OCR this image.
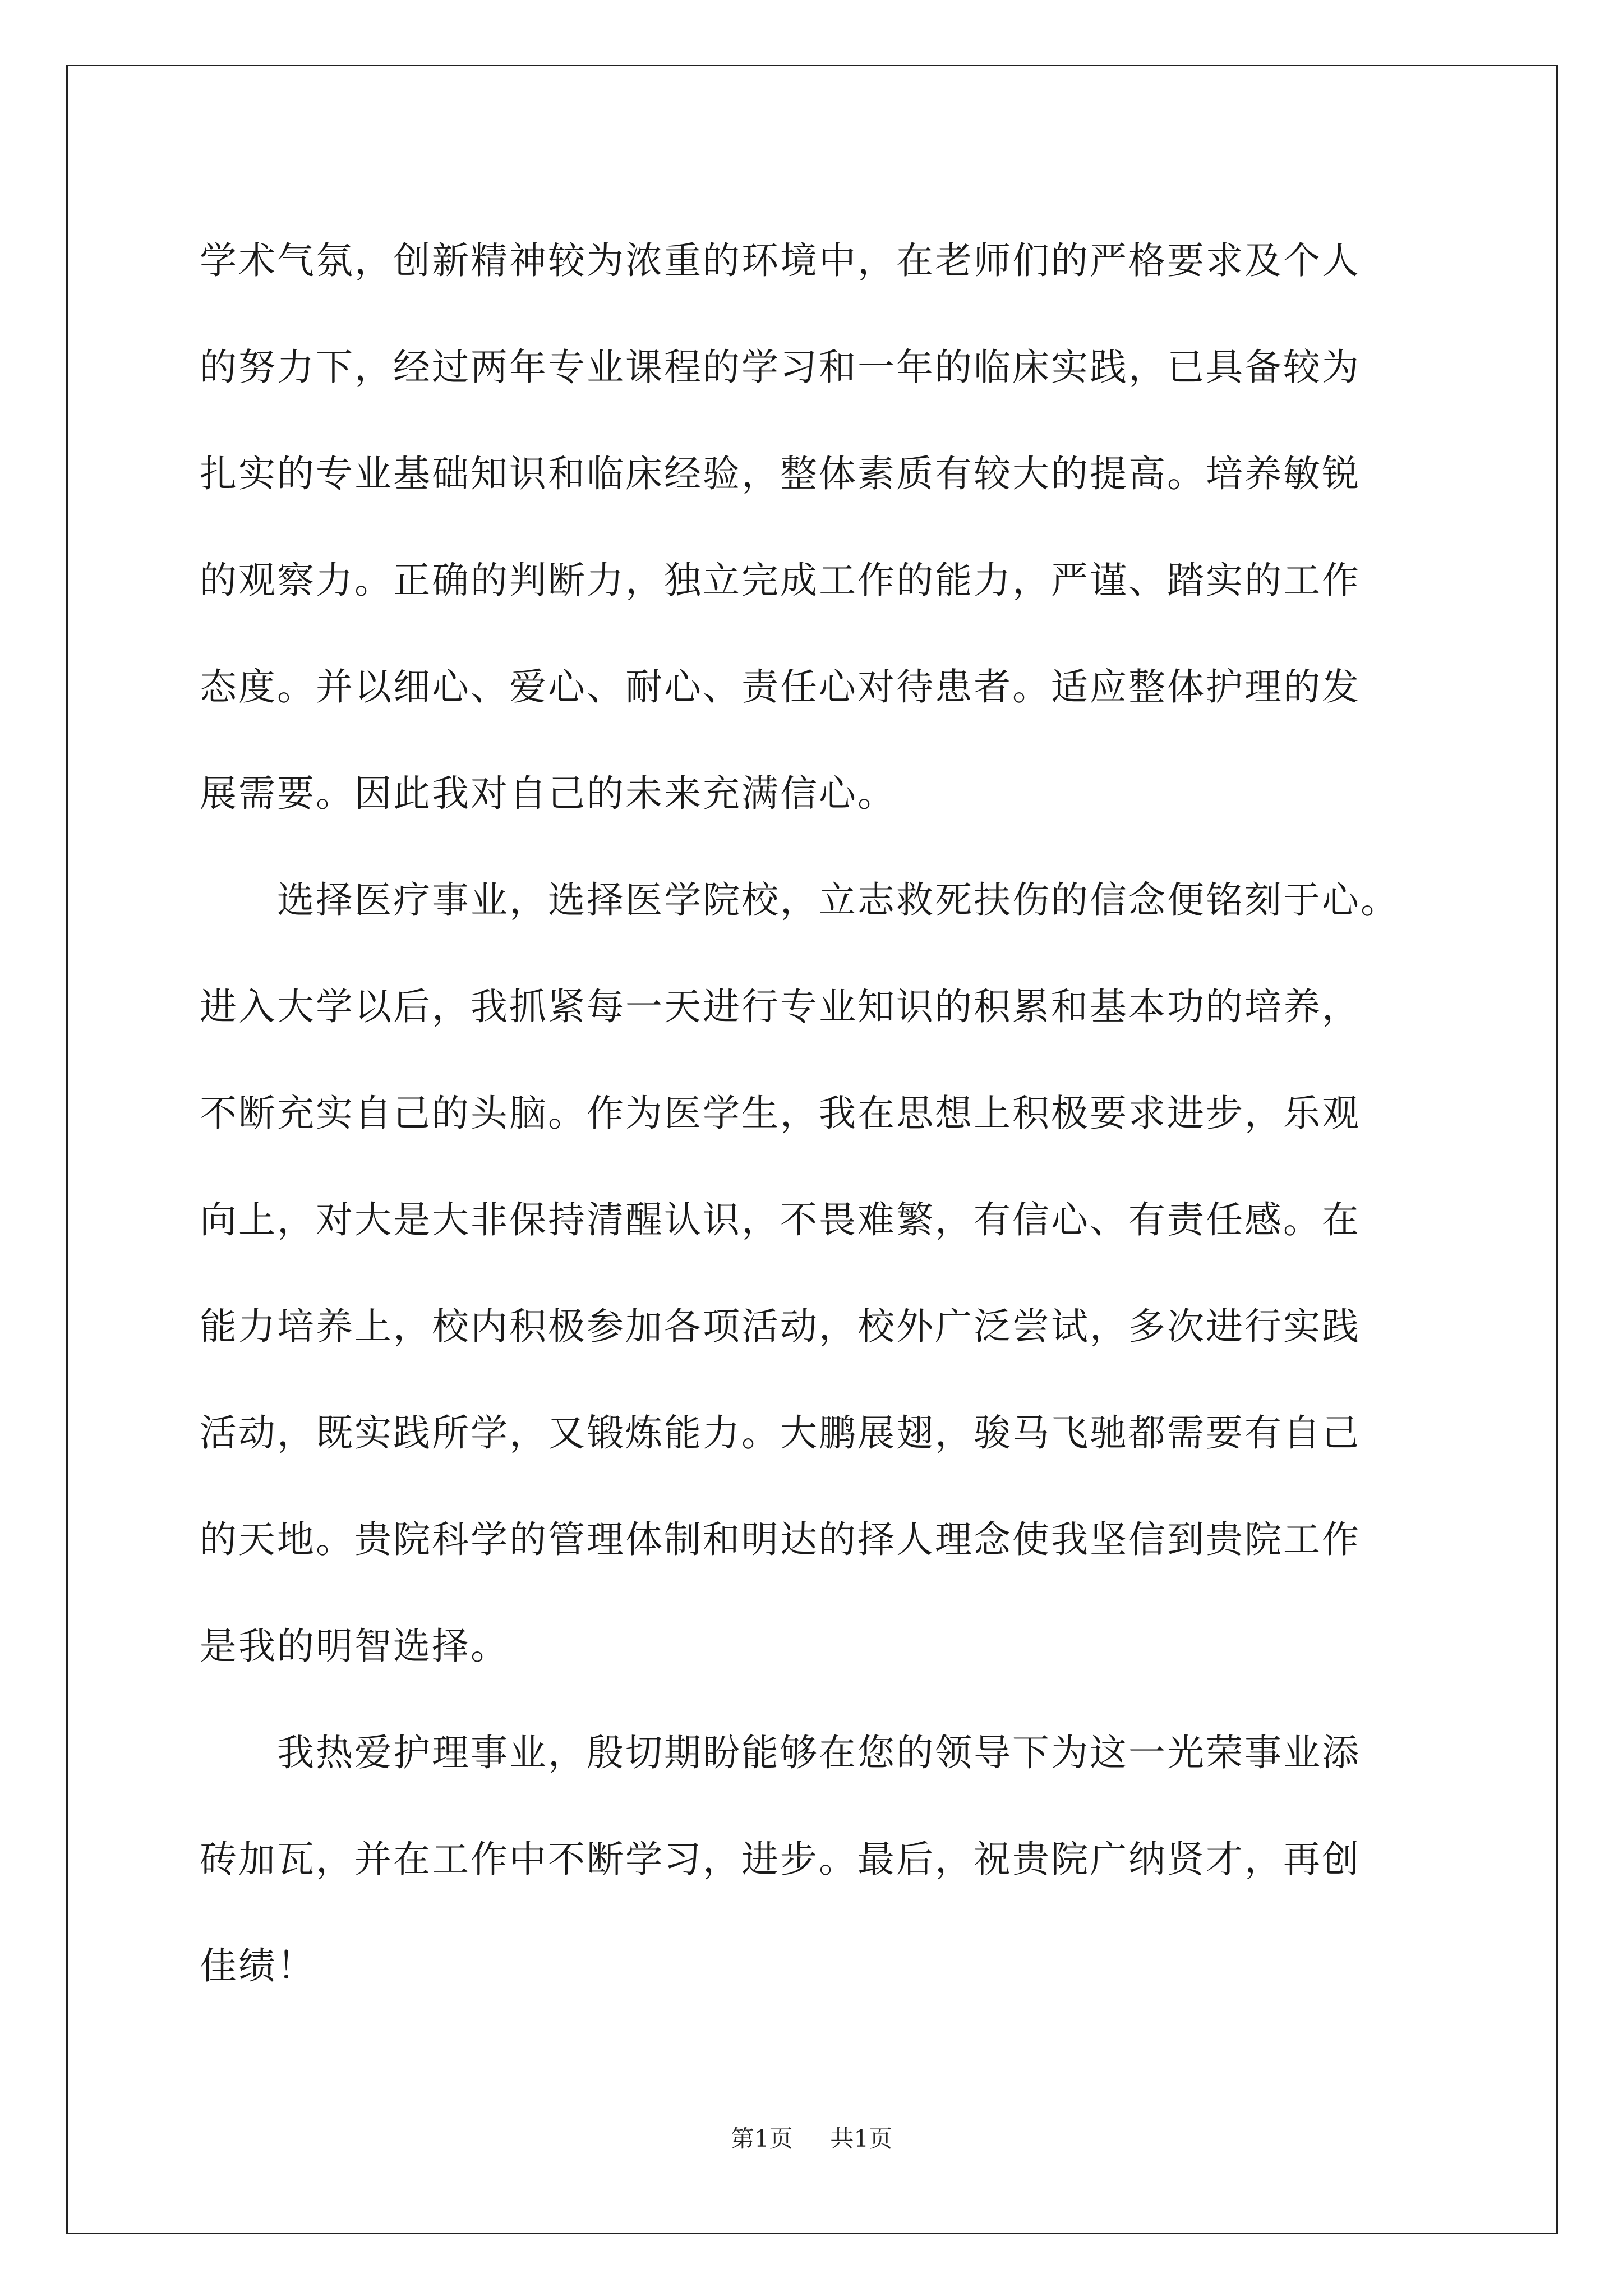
学术气氛，创新精神较为浓重的环境中，在老师们的严格要求及个人
的努力下，经过两年专业课程的学习和一年的临床实践，已具备较为
扎实的专业基础知识和临床经验，整体素质有较大的提高。培养敏锐
的观察力。正确的判断力，独立完成工作的能力，严谨、踏实的工作
态度。并以细心、爱心、耐心、责任心对待患者。适应整体护理的发
展需要。因此我对自己的未来充满信心。
　　选择医疗事业，选择医学院校，立志救死扶伤的信念便铭刻于心。
进入大学以后，我抓紧每一天进行专业知识的积累和基本功的培养，
不断充实自己的头脑。作为医学生，我在思想上积极要求进步，乐观
向上，对大是大非保持清醒认识，不畏难繁，有信心、有责任感。在
能力培养上，校内积极参加各项活动，校外广泛尝试，多次进行实践
活动，既实践所学，又锻炼能力。大鹏展翅，骏马飞驰都需要有自己
的天地。贵院科学的管理体制和明达的择人理念使我坚信到贵院工作
是我的明智选择。
　　我热爱护理事业，殷切期盼能够在您的领导下为这一光荣事业添
砖加瓦，并在工作中不断学习，进步。最后，祝贵院广纳贤才，再创
佳绩！
第1页 共1页
